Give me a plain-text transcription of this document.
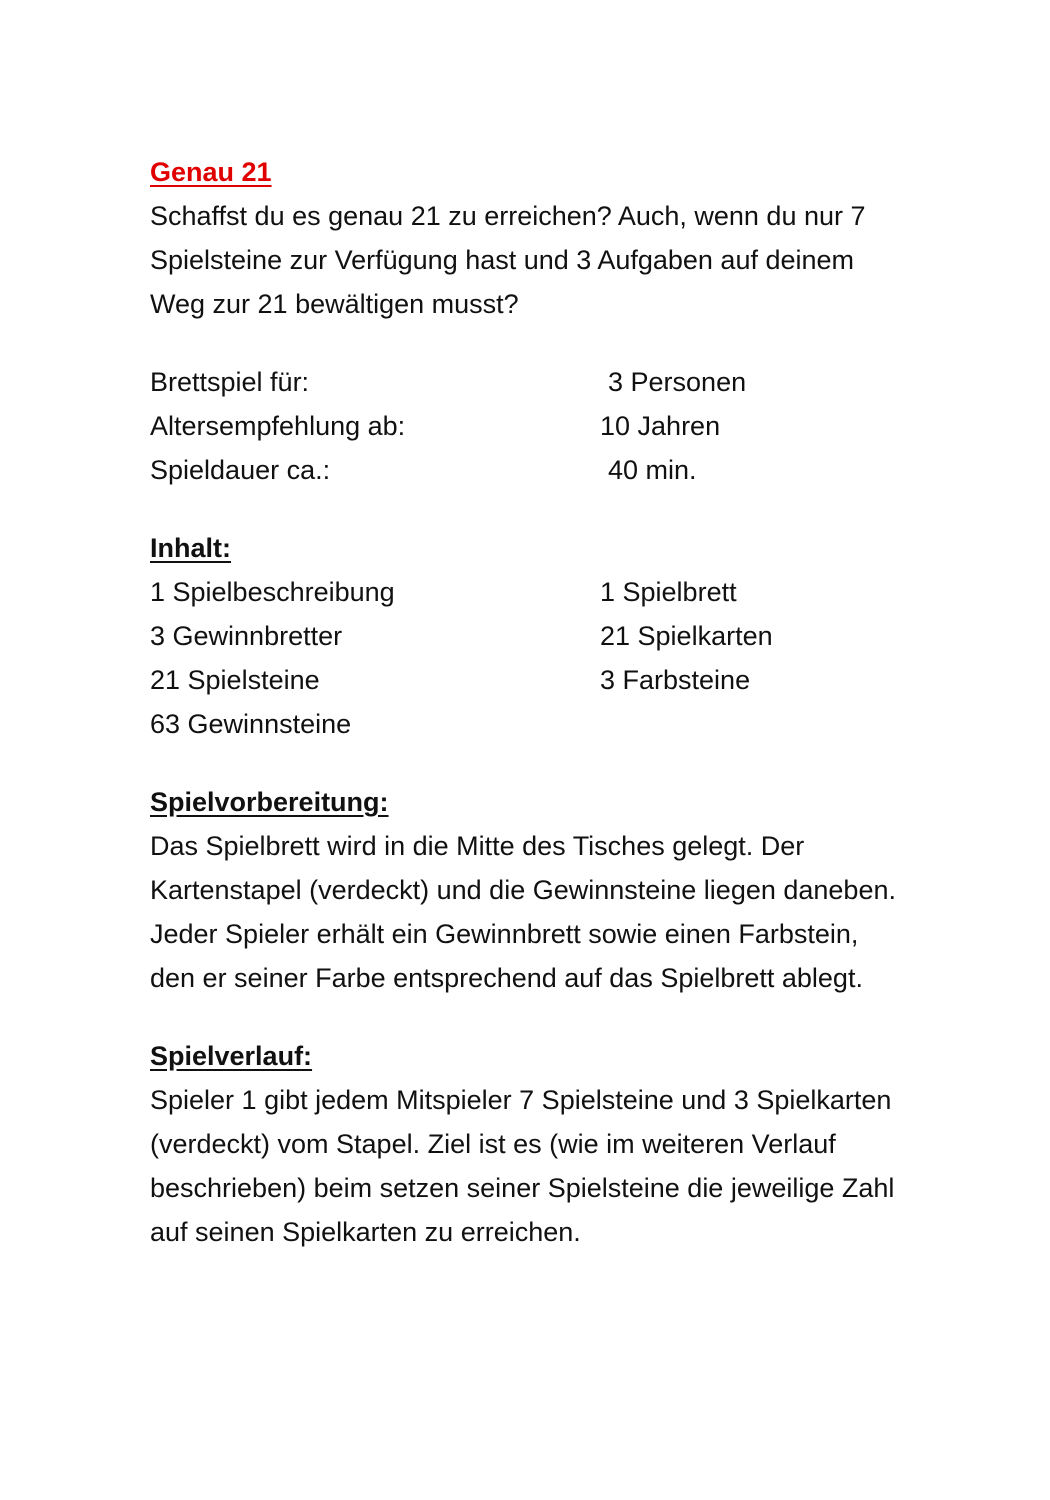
Genau 21

Schaffst du es genau 21 zu erreichen? Auch, wenn du nur 7 Spielsteine zur Verfügung hast und 3 Aufgaben auf deinem Weg zur 21 bewältigen musst?

Brettspiel für:	3 Personen
Altersempfehlung ab:	10 Jahren
Spieldauer ca.:	40 min.
Inhalt:
1 Spielbeschreibung	1 Spielbrett
3 Gewinnbretter	21 Spielkarten
21 Spielsteine	3 Farbsteine
63 Gewinnsteine
Spielvorbereitung:

Das Spielbrett wird in die Mitte des Tisches gelegt. Der Kartenstapel (verdeckt) und die Gewinnsteine liegen daneben. Jeder Spieler erhält ein Gewinnbrett sowie einen Farbstein, den er seiner Farbe entsprechend auf das Spielbrett ablegt.

Spielverlauf:

Spieler 1 gibt jedem Mitspieler 7 Spielsteine und 3 Spielkarten (verdeckt) vom Stapel. Ziel ist es (wie im weiteren Verlauf beschrieben) beim setzen seiner Spielsteine die jeweilige Zahl auf seinen Spielkarten zu erreichen.
